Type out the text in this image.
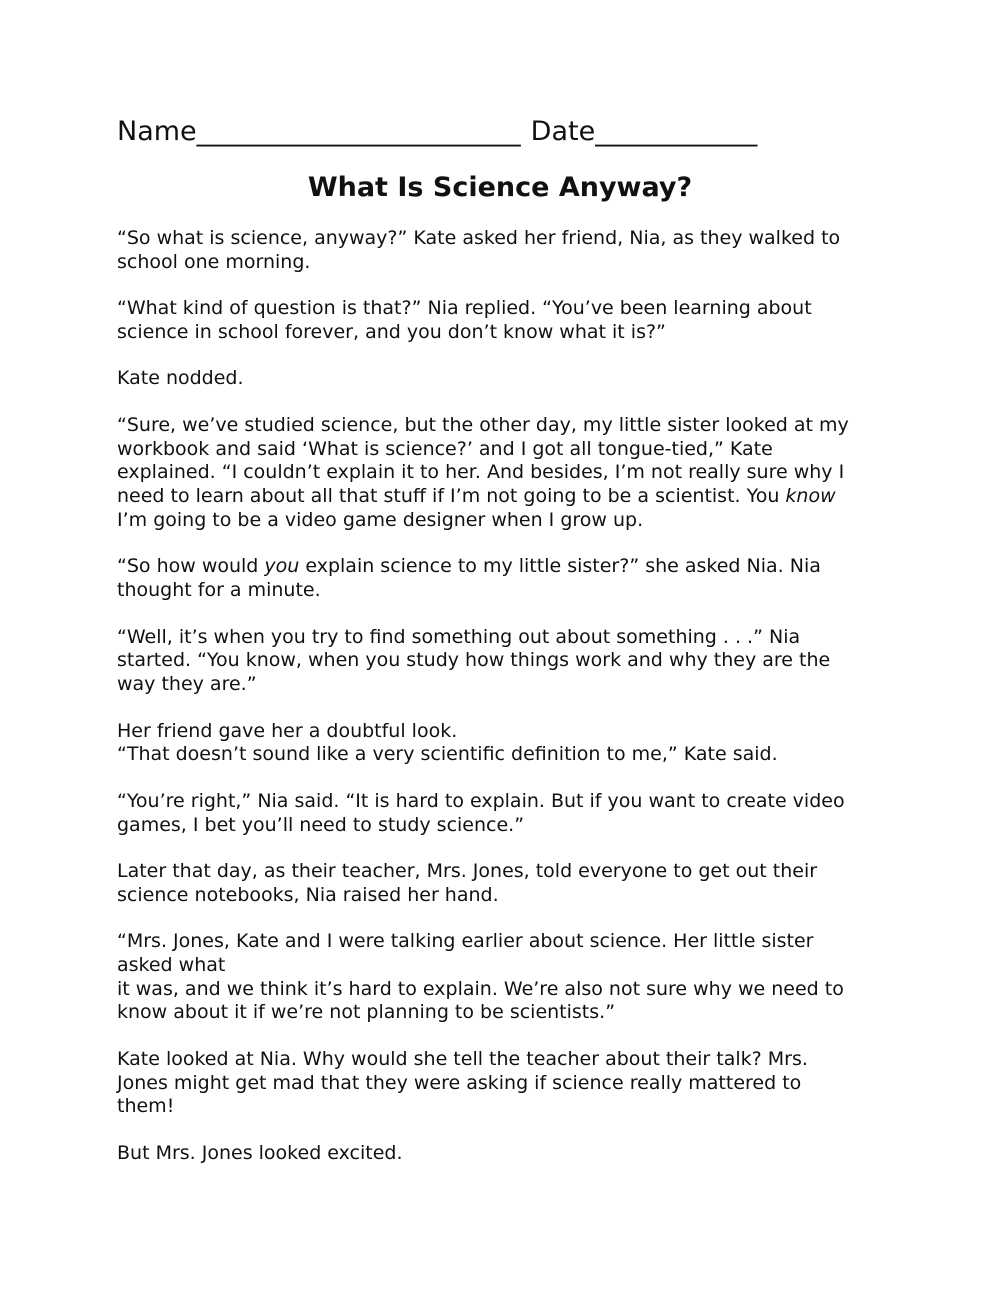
Name________________________ Date____________
What Is Science Anyway?

“So what is science, anyway?” Kate asked her friend, Nia, as they walked to
school one morning.

“What kind of question is that?” Nia replied. “You’ve been learning about
science in school forever, and you don’t know what it is?”

Kate nodded.

“Sure, we’ve studied science, but the other day, my little sister looked at my
workbook and said ‘What is science?’ and I got all tongue-tied,” Kate
explained. “I couldn’t explain it to her. And besides, I’m not really sure why I
need to learn about all that stuff if I’m not going to be a scientist. You know
I’m going to be a video game designer when I grow up.

“So how would you explain science to my little sister?” she asked Nia. Nia
thought for a minute.

“Well, it’s when you try to find something out about something . . .” Nia
started. “You know, when you study how things work and why they are the
way they are.”

Her friend gave her a doubtful look.
“That doesn’t sound like a very scientific definition to me,” Kate said.

“You’re right,” Nia said. “It is hard to explain. But if you want to create video
games, I bet you’ll need to study science.”

Later that day, as their teacher, Mrs. Jones, told everyone to get out their
science notebooks, Nia raised her hand.

“Mrs. Jones, Kate and I were talking earlier about science. Her little sister
asked what
it was, and we think it’s hard to explain. We’re also not sure why we need to
know about it if we’re not planning to be scientists.”

Kate looked at Nia. Why would she tell the teacher about their talk? Mrs.
Jones might get mad that they were asking if science really mattered to
them!

But Mrs. Jones looked excited.
